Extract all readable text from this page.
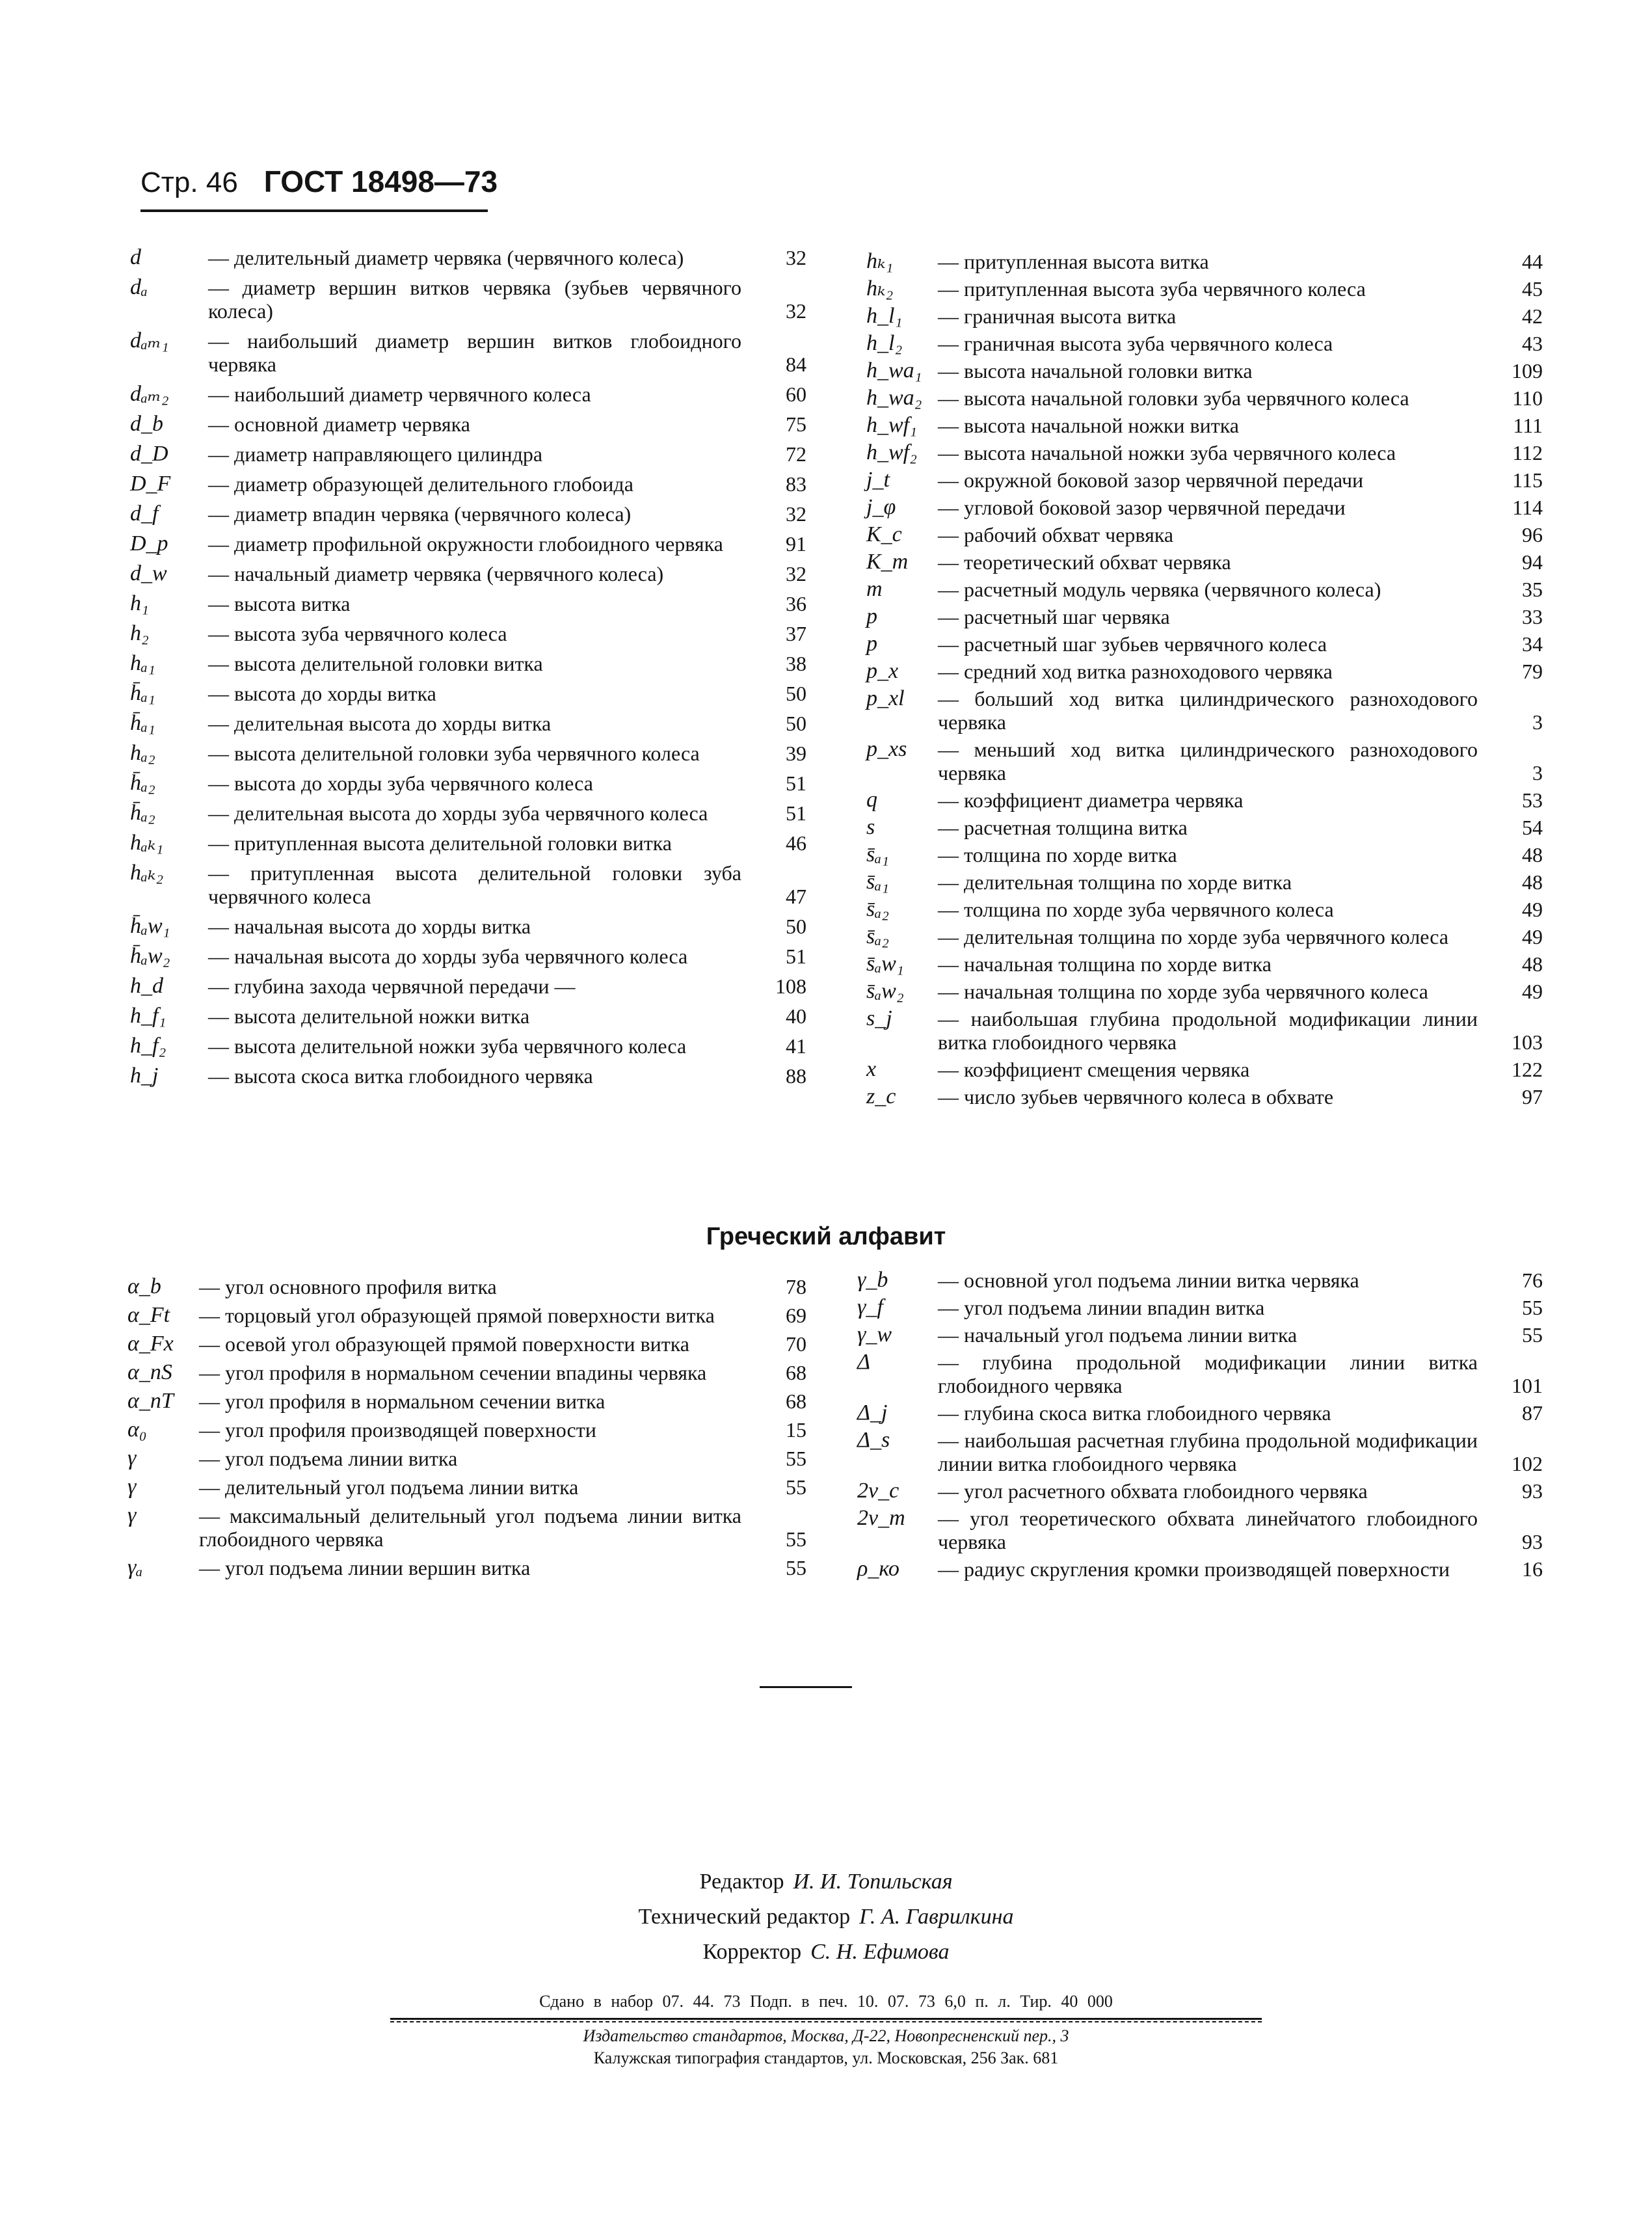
Стр. 46 ГОСТ 18498—73
d	— делительный диаметр червяка (червячного колеса)	32
dₐ	— диаметр вершин витков червяка (зубьев червячного колеса)	32
dₐₘ₁	— наибольший диаметр вершин витков глобоидного червяка	84
dₐₘ₂	— наибольший диаметр червячного колеса	60
d_b	— основной диаметр червяка	75
d_D	— диаметр направляющего цилиндра	72
D_F	— диаметр образующей делительного глобоида	83
d_f	— диаметр впадин червяка (червячного колеса)	32
D_p	— диаметр профильной окружности глобоидного червяка	91
d_w	— начальный диаметр червяка (червячного колеса)	32
h₁	— высота витка	36
h₂	— высота зуба червячного колеса	37
hₐ₁	— высота делительной головки витка	38
h̄ₐ₁	— высота до хорды витка	50
h̄ₐ₁	— делительная высота до хорды витка	50
hₐ₂	— высота делительной головки зуба червячного колеса	39
h̄ₐ₂	— высота до хорды зуба червячного колеса	51
h̄ₐ₂	— делительная высота до хорды зуба червячного колеса	51
hₐₖ₁	— притупленная высота делительной головки витка	46
hₐₖ₂	— притупленная высота делительной головки зуба червячного колеса	47
h̄ₐw₁	— начальная высота до хорды витка	50
h̄ₐw₂	— начальная высота до хорды зуба червячного колеса	51
h_d	— глубина захода червячной передачи —	108
h_f₁	— высота делительной ножки витка	40
h_f₂	— высота делительной ножки зуба червячного колеса	41
h_j	— высота скоса витка глобоидного червяка	88
hₖ₁	— притупленная высота витка	44
hₖ₂	— притупленная высота зуба червячного колеса	45
h_l₁	— граничная высота витка	42
h_l₂	— граничная высота зуба червячного колеса	43
h_wa₁ — высота начальной головки витка	109
h_wa₂ — высота начальной головки зуба червячного колеса	110
h_wf₁	— высота начальной ножки витка	111
h_wf₂	— высота начальной ножки зуба червячного колеса	112
j_t	— окружной боковой зазор червячной передачи	115
j_φ	— угловой боковой зазор червячной передачи	114
K_c	— рабочий обхват червяка	96
K_т	— теоретический обхват червяка	94
m	— расчетный модуль червяка (червячного колеса)	35
p	— расчетный шаг червяка	33
p	— расчетный шаг зубьев червячного колеса	34
p_x	— средний ход витка разноходового червяка	79
p_xl	— больший ход витка цилиндрического разноходового червяка	3
p_xs	— меньший ход витка цилиндрического разноходового червяка	3
q	— коэффициент диаметра червяка	53
s	— расчетная толщина витка	54
s̄ₐ₁	— толщина по хорде витка	48
s̄ₐ₁	— делительная толщина по хорде витка	48
s̄ₐ₂	— толщина по хорде зуба червячного колеса	49
s̄ₐ₂	— делительная толщина по хорде зуба червячного колеса	49
s̄ₐw₁	— начальная толщина по хорде витка	48
s̄ₐw₂	— начальная толщина по хорде зуба червячного колеса	49
s_j	— наибольшая глубина продольной модификации линии витка глобоидного червяка	103
x	— коэффициент смещения червяка	122
z_c	— число зубьев червячного колеса в обхвате	97
Греческий алфавит
α_b	— угол основного профиля витка	78
α_Ft	— торцовый угол образующей прямой поверхности витка	69
α_Fx	— осевой угол образующей прямой поверхности витка	70
α_nS	— угол профиля в нормальном сечении впадины червяка	68
α_nT	— угол профиля в нормальном сечении витка	68
α₀	— угол профиля производящей поверхности	15
γ	— угол подъема линии витка	55
γ	— делительный угол подъема линии витка	55
γ	— максимальный делительный угол подъема линии витка глобоидного червяка	55
γₐ	— угол подъема линии вершин витка	55
γ_b	— основной угол подъема линии витка червяка	76
γ_f	— угол подъема линии впадин витка	55
γ_w	— начальный угол подъема линии витка	55
Δ	— глубина продольной модификации линии витка глобоидного червяка	101
Δ_j	— глубина скоса витка глобоидного червяка	87
Δ_s	— наибольшая расчетная глубина продольной модификации линии витка глобоидного червяка	102
2ν_c	— угол расчетного обхвата глобоидного червяка	93
2ν_т	— угол теоретического обхвата линейчатого глобоидного червяка	93
ρ_ко	— радиус скругления кромки производящей поверхности	16
Редактор И. И. Топильская
Технический редактор Г. А. Гаврилкина
Корректор С. Н. Ефимова
Сдано в набор 07. 44. 73 Подп. в печ. 10. 07. 73 6,0 п. л. Тир. 40 000
Издательство стандартов, Москва, Д-22, Новопресненский пер., 3
Калужская типография стандартов, ул. Московская, 256 Зак. 681
